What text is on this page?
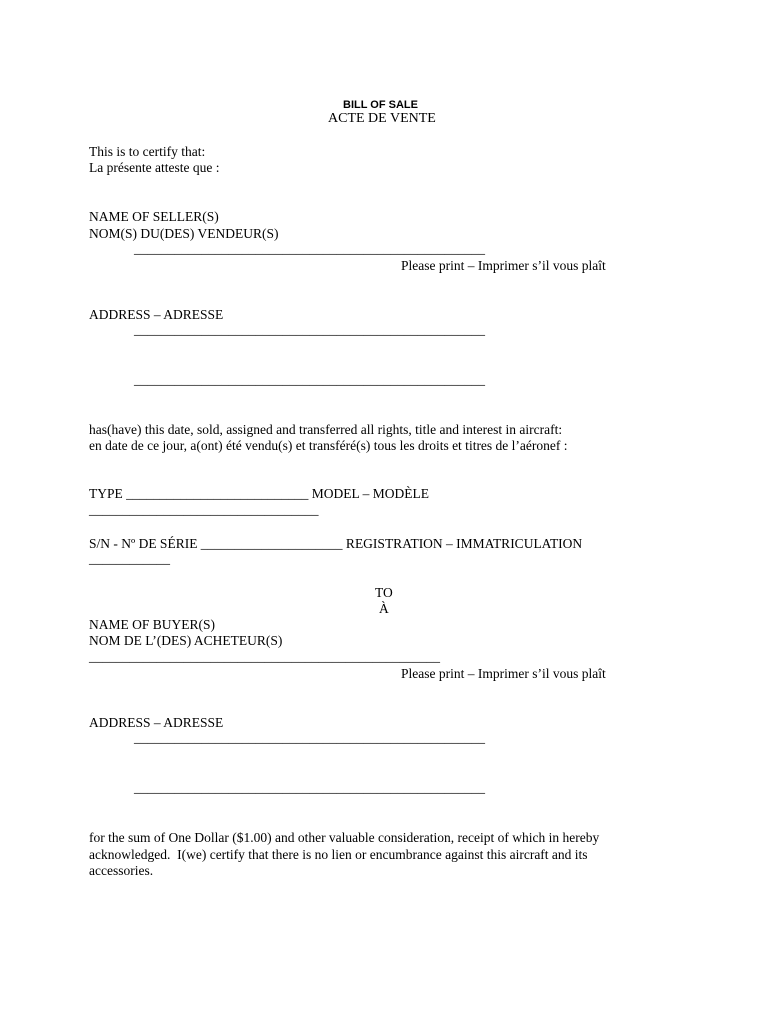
BILL OF SALE
ACTE DE VENTE
This is to certify that:
La présente atteste que :
NAME OF SELLER(S)
NOM(S) DU(DES) VENDEUR(S)
____________________________________________________
Please print – Imprimer s’il vous plaît
ADDRESS – ADRESSE
____________________________________________________
____________________________________________________
has(have) this date, sold, assigned and transferred all rights, title and interest in aircraft:
en date de ce jour, a(ont) été vendu(s) et transféré(s) tous les droits et titres de l’aéronef :
TYPE ___________________________ MODEL – MODÈLE
__________________________________
S/N - Nº DE SÉRIE _____________________ REGISTRATION – IMMATRICULATION
____________
TO
À
NAME OF BUYER(S)
NOM DE L’(DES) ACHETEUR(S)
____________________________________________________
Please print – Imprimer s’il vous plaît
ADDRESS – ADRESSE
____________________________________________________
____________________________________________________
for the sum of One Dollar ($1.00) and other valuable consideration, receipt of which in hereby
acknowledged.  I(we) certify that there is no lien or encumbrance against this aircraft and its
accessories.
